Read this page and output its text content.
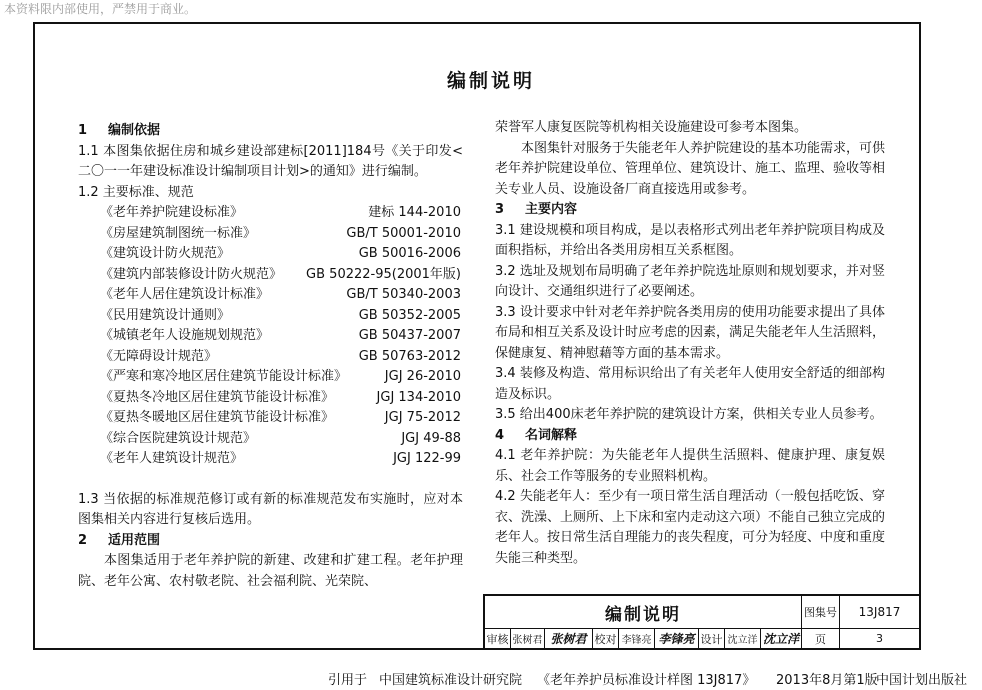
本资料限内部使用，严禁用于商业。
编制说明
1 编制依据
1.1 本图集依据住房和城乡建设部建标[2011]184号《关于印发<二〇一一年建设标准设计编制项目计划>的通知》进行编制。
1.2 主要标准、规范
《老年养护院建设标准》	建标 144-2010
《房屋建筑制图统一标准》	GB/T 50001-2010
《建筑设计防火规范》	GB 50016-2006
《建筑内部装修设计防火规范》 GB 50222-95(2001年版)
《老年人居住建筑设计标准》	GB/T 50340-2003
《民用建筑设计通则》	GB 50352-2005
《城镇老年人设施规划规范》	GB 50437-2007
《无障碍设计规范》	GB 50763-2012
《严寒和寒冷地区居住建筑节能设计标准》	JGJ 26-2010
《夏热冬冷地区居住建筑节能设计标准》	JGJ 134-2010
《夏热冬暖地区居住建筑节能设计标准》	JGJ 75-2012
《综合医院建筑设计规范》	JGJ 49-88
《老年人建筑设计规范》	JGJ 122-99
1.3 当依据的标准规范修订或有新的标准规范发布实施时，应对本图集相关内容进行复核后选用。
2 适用范围
本图集适用于老年养护院的新建、改建和扩建工程。老年护理院、老年公寓、农村敬老院、社会福利院、光荣院、
荣誉军人康复医院等机构相关设施建设可参考本图集。
本图集针对服务于失能老年人养护院建设的基本功能需求，可供老年养护院建设单位、管理单位、建筑设计、施工、监理、验收等相关专业人员、设施设备厂商直接选用或参考。
3 主要内容
3.1 建设规模和项目构成，是以表格形式列出老年养护院项目构成及面积指标，并给出各类用房相互关系框图。
3.2 选址及规划布局明确了老年养护院选址原则和规划要求，并对竖向设计、交通组织进行了必要阐述。
3.3 设计要求中针对老年养护院各类用房的使用功能要求提出了具体布局和相互关系及设计时应考虑的因素，满足失能老年人生活照料，保健康复、精神慰藉等方面的基本需求。
3.4 装修及构造、常用标识给出了有关老年人使用安全舒适的细部构造及标识。
3.5 给出400床老年养护院的建筑设计方案，供相关专业人员参考。
4 名词解释
4.1 老年养护院：为失能老年人提供生活照料、健康护理、康复娱乐、社会工作等服务的专业照料机构。
4.2 失能老年人：至少有一项日常生活自理活动（一般包括吃饭、穿衣、洗澡、上厕所、上下床和室内走动这六项）不能自己独立完成的老年人。按日常生活自理能力的丧失程度，可分为轻度、中度和重度失能三种类型。
编制说明	图集号	13J817
审核 张树君 张树君 校对 李锋亮 李锋亮 设计 沈立洋 沈立洋	页	3
引用于 中国建筑标准设计研究院 《老年养护员标准设计样图 13J817》 2013年8月第1版
中国计划出版社
